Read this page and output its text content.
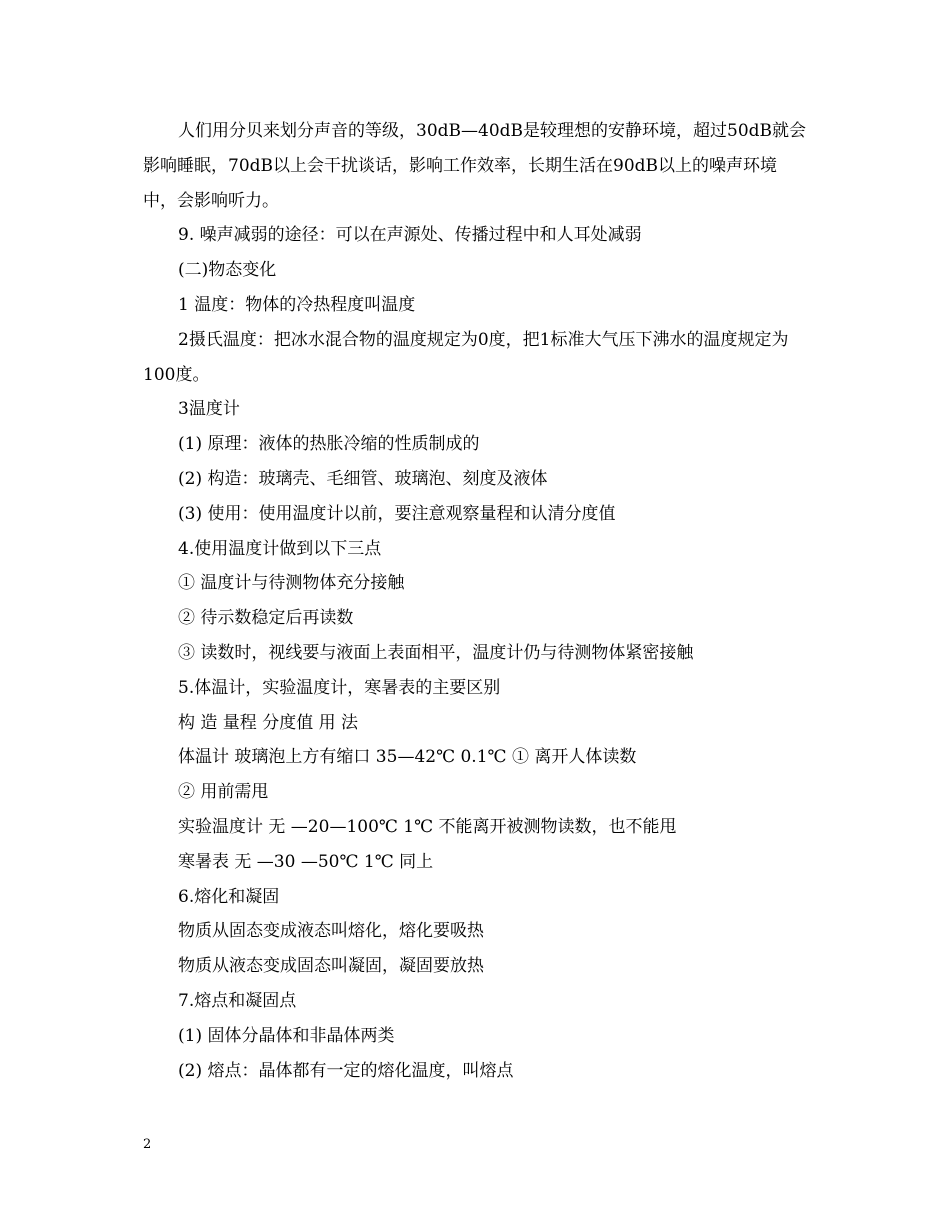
人们用分贝来划分声音的等级，30dB—40dB是较理想的安静环境，超过50dB就会影响睡眠，70dB以上会干扰谈话，影响工作效率，长期生活在90dB以上的噪声环境中，会影响听力。

9. 噪声减弱的途径：可以在声源处、传播过程中和人耳处减弱

(二)物态变化

1 温度：物体的冷热程度叫温度

2摄氏温度：把冰水混合物的温度规定为0度，把1标准大气压下沸水的温度规定为100度。

3温度计

(1) 原理：液体的热胀冷缩的性质制成的

(2) 构造：玻璃壳、毛细管、玻璃泡、刻度及液体

(3) 使用：使用温度计以前，要注意观察量程和认清分度值

4.使用温度计做到以下三点

① 温度计与待测物体充分接触

② 待示数稳定后再读数

③ 读数时，视线要与液面上表面相平，温度计仍与待测物体紧密接触

5.体温计，实验温度计，寒暑表的主要区别

构 造 量程 分度值 用 法

体温计 玻璃泡上方有缩口 35—42℃ 0.1℃ ① 离开人体读数

② 用前需甩

实验温度计 无 —20—100℃ 1℃ 不能离开被测物读数，也不能甩

寒暑表 无 —30 —50℃ 1℃ 同上

6.熔化和凝固

物质从固态变成液态叫熔化，熔化要吸热

物质从液态变成固态叫凝固，凝固要放热

7.熔点和凝固点

(1) 固体分晶体和非晶体两类

(2) 熔点：晶体都有一定的熔化温度，叫熔点

2
